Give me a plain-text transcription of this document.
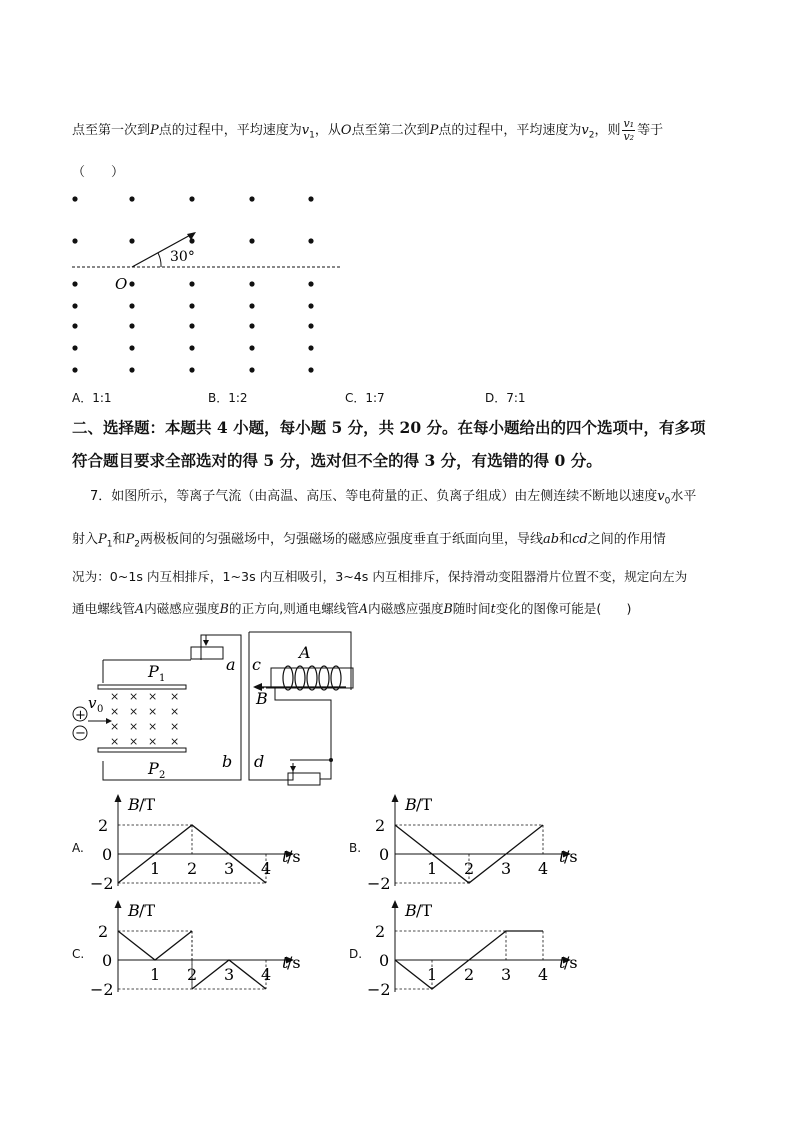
点至第一次到P点的过程中，平均速度为$v_1$，从O点至第二次到P点的过程中，平均速度为$v_2$，则 $\frac{\text{v₁}}{\text{v₂}}$ 等于
（　　）
30°
O
A．1:1	B．1:2	C．1:7	D．7:1
二、选择题：本题共 4 小题，每小题 5 分，共 20 分。在每小题给出的四个选项中，有多项
符合题目要求全部选对的得 5 分，选对但不全的得 3 分，有选错的得 0 分。
7．如图所示，等离子气流（由高温、高压、等电荷量的正、负离子组成）由左侧连续不断地以速度$v_0$水平
射入$P_1$和$P_2$两极板间的匀强磁场中，匀强磁场的磁感应强度垂直于纸面向里，导线ab和cd之间的作用情
况为：0~1s 内互相排斥，1~3s 内互相吸引，3~4s 内互相排斥，保持滑动变阻器滑片位置不变，规定向左为
通电螺线管A内磁感应强度B的正方向,则通电螺线管A内磁感应强度B随时间t变化的图像可能是(　　)
× × × ×
× × × ×
× × × ×
× × × ×
+
−
v 0
P 1
P 2
a
b
c
d
A
B
A.	B.
C.	D.
B /T
t
/s
2
0
−2
1 2 3 4
B /T
t
/s
2
0
−2
1 2 3 4
B /T
t
/s
2
0
−2
1 2 3 4
B /T
t
/s
2
0
−2
1 2 3 4
